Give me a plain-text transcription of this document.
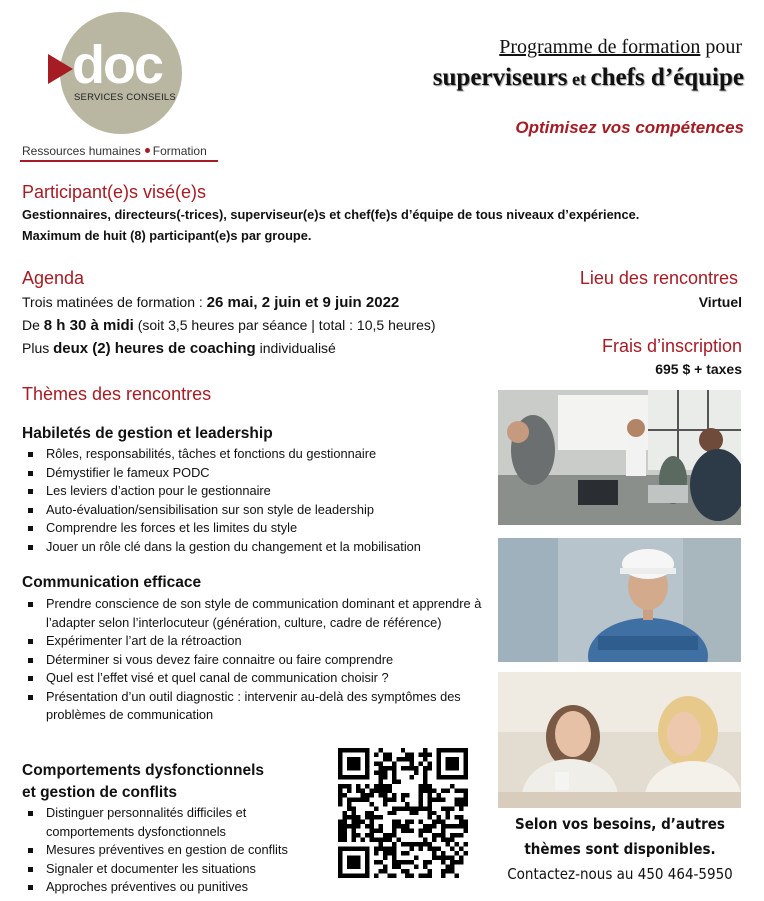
doc
SERVICES CONSEILS
Ressources humaines Formation
Programme de formation pour
superviseurs et chefs d’équipe
Optimisez vos compétences
Participant(e)s visé(e)s
Gestionnaires, directeurs(-trices), superviseur(e)s et chef(fe)s d’équipe de tous niveaux d’expérience.
Maximum de huit (8) participant(e)s par groupe.
Agenda
Trois matinées de formation : 26 mai, 2 juin et 9 juin 2022
De 8 h 30 à midi (soit 3,5 heures par séance | total : 10,5 heures)
Plus deux (2) heures de coaching individualisé
Lieu des rencontres
Virtuel
Frais d’inscription
695 $ + taxes
Thèmes des rencontres
Habiletés de gestion et leadership
Rôles, responsabilités, tâches et fonctions du gestionnaire
Démystifier le fameux PODC
Les leviers d’action pour le gestionnaire
Auto-évaluation/sensibilisation sur son style de leadership
Comprendre les forces et les limites du style
Jouer un rôle clé dans la gestion du changement et la mobilisation
Communication efficace
Prendre conscience de son style de communication dominant et apprendre à l’adapter selon l’interlocuteur (génération, culture, cadre de référence)
Expérimenter l’art de la rétroaction
Déterminer si vous devez faire connaitre ou faire comprendre
Quel est l’effet visé et quel canal de communication choisir ?
Présentation d’un outil diagnostic : intervenir au-delà des symptômes des problèmes de communication
Comportements dysfonctionnels
et gestion de conflits
Distinguer personnalités difficiles et comportements dysfonctionnels
Mesures préventives en gestion de conflits
Signaler et documenter les situations
Approches préventives ou punitives
Selon vos besoins, d’autres
thèmes sont disponibles.
Contactez-nous au 450 464-5950
